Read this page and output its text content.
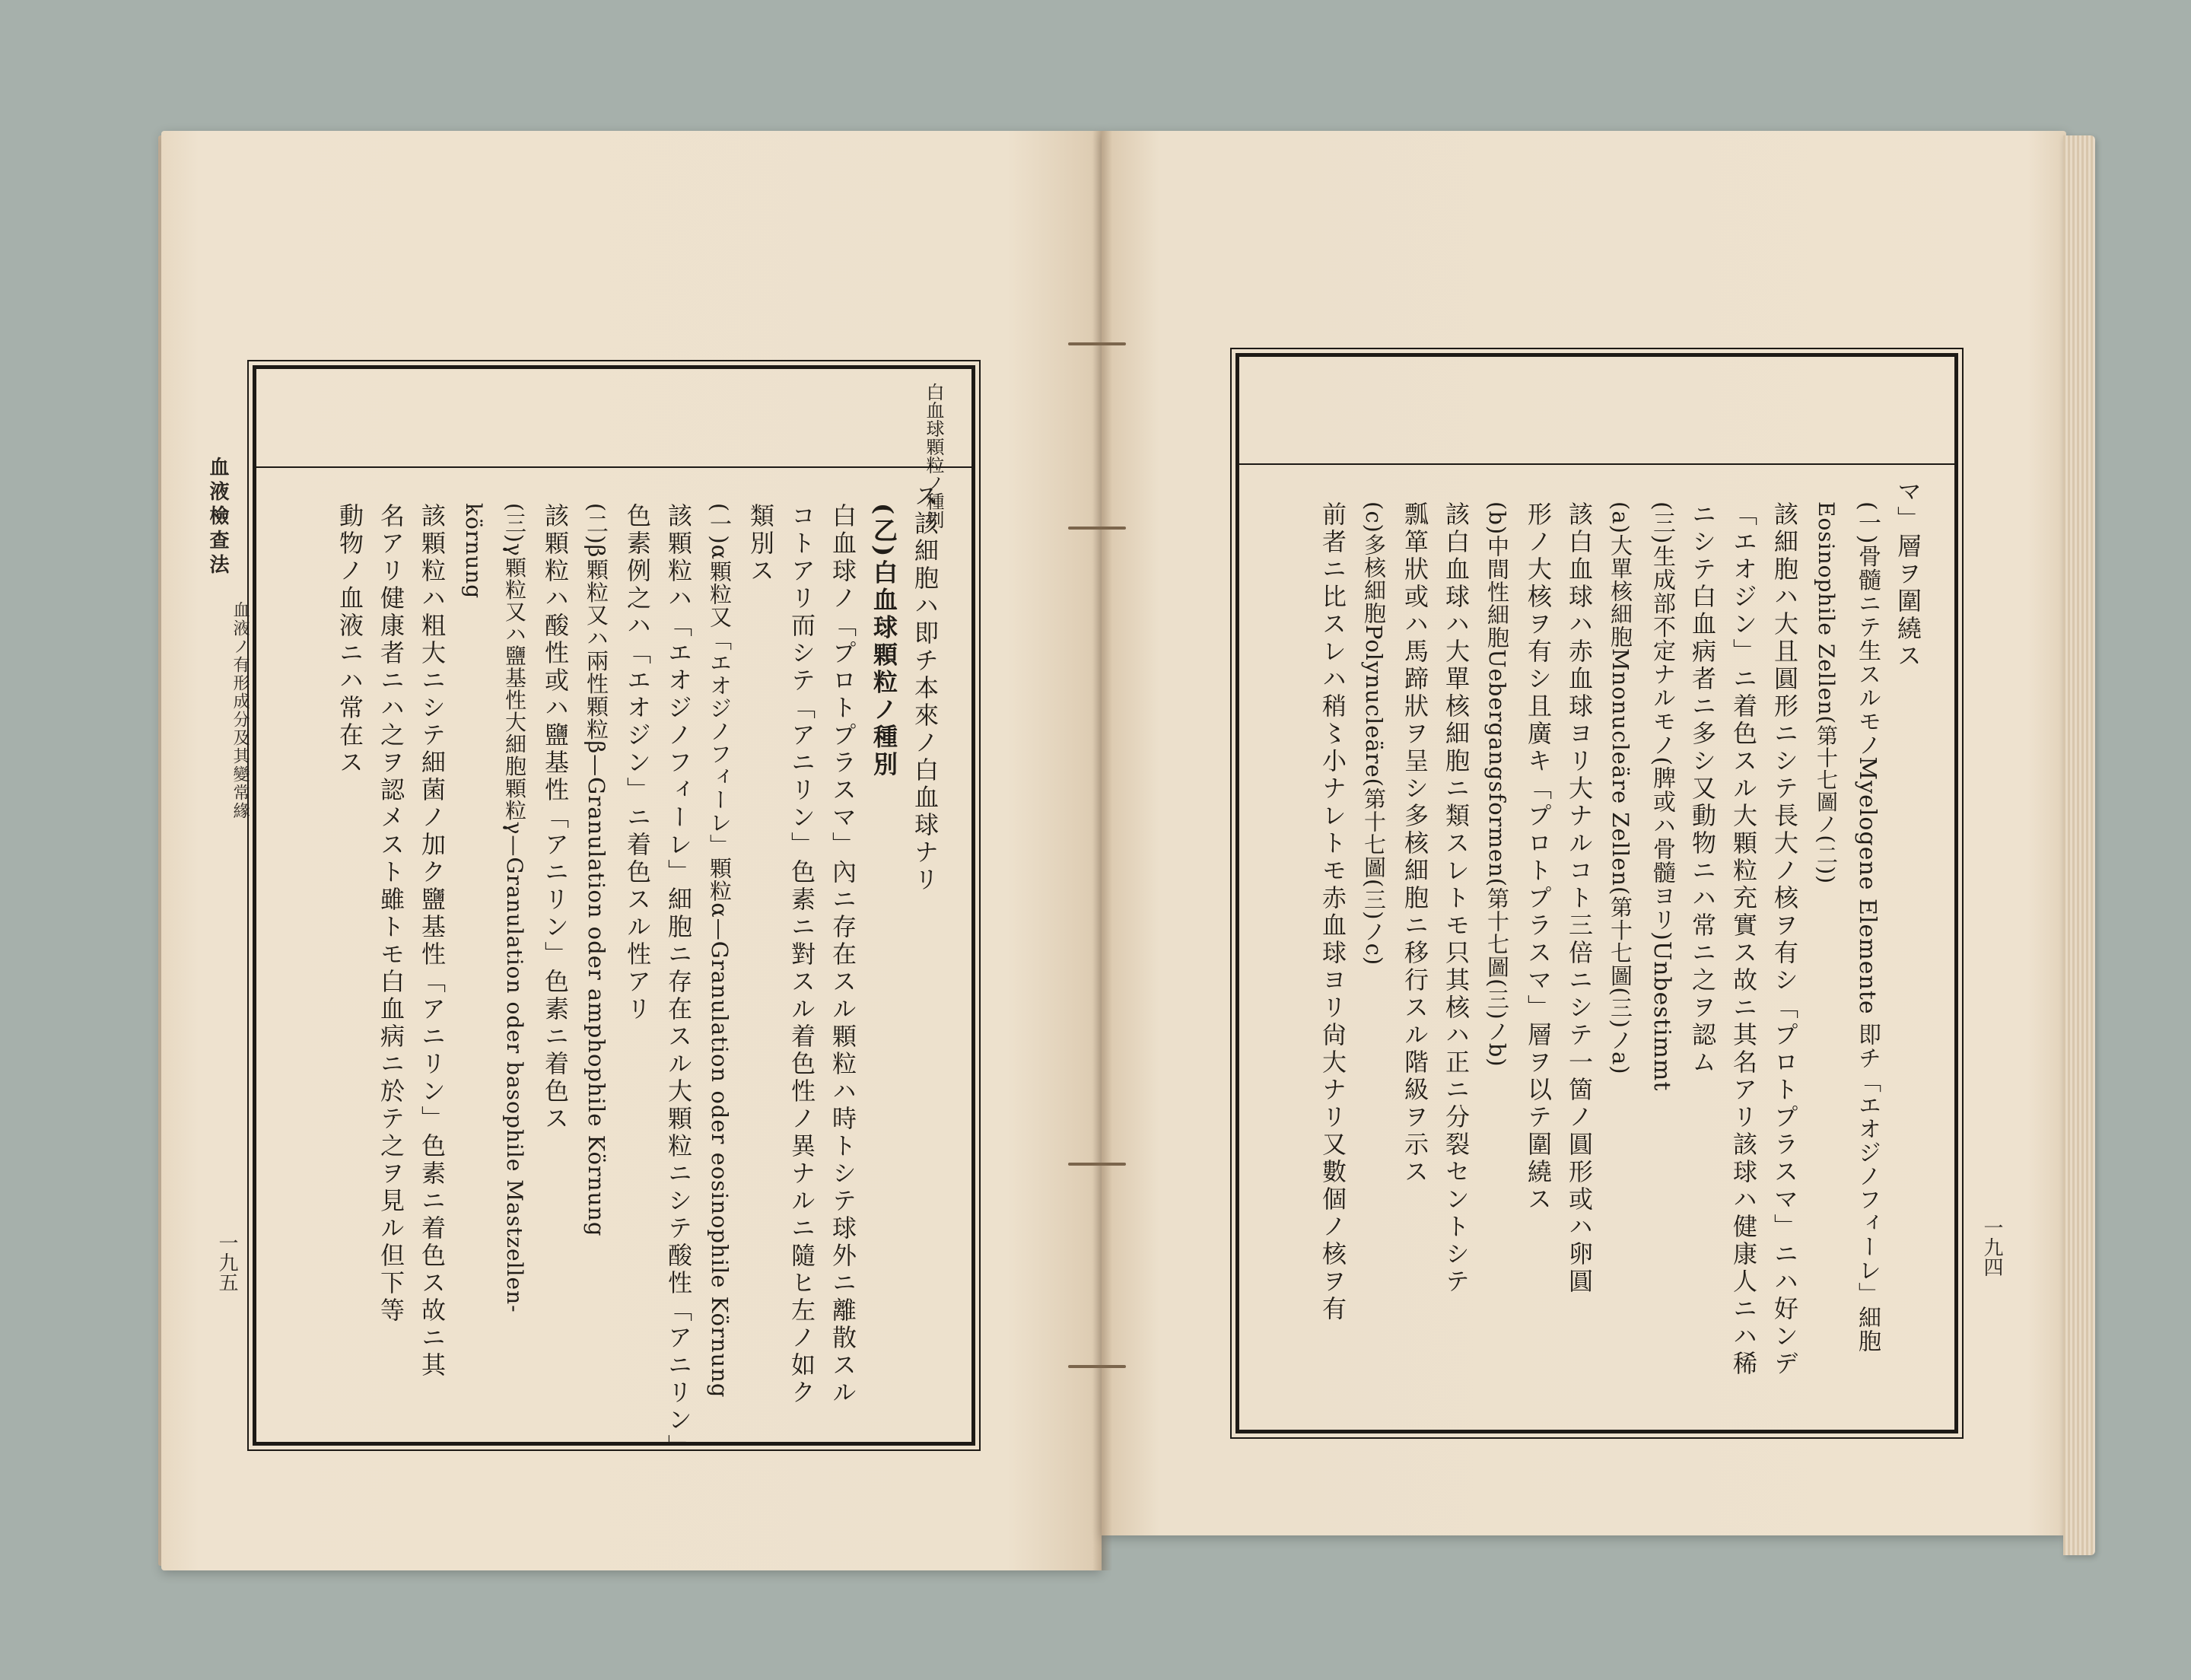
血液檢查法
血液ノ有形成分及其變常緣
一九五
白血球顆粒ノ種別
ス該細胞ハ即チ本來ノ白血球ナリ
(乙)白血球顆粒ノ種別
白血球ノ「プロトプラスマ」內ニ存在スル顆粒ハ時トシテ球外ニ離散スル
コトアリ而シテ「アニリン」色素ニ對スル着色性ノ異ナルニ隨ヒ左ノ如ク
類別ス
(一)α顆粒又「エオジノフィーレ」顆粒α—Granulation oder eosinophile Körnung
該顆粒ハ「エオジノフィーレ」細胞ニ存在スル大顆粒ニシテ酸性「アニリン」
色素例之ハ「エオジン」ニ着色スル性アリ
(二)β顆粒又ハ兩性顆粒β—Granulation oder amphophile Körnung
該顆粒ハ酸性或ハ鹽基性「アニリン」色素ニ着色ス
(三)γ顆粒又ハ鹽基性大細胞顆粒γ—Granulation oder basophile Mastzellen-
körnung
該顆粒ハ粗大ニシテ細菌ノ加ク鹽基性「アニリン」色素ニ着色ス故ニ其
名アリ健康者ニハ之ヲ認メスト雖トモ白血病ニ於テ之ヲ見ル但下等
動物ノ血液ニハ常在ス
一九四
マ」層ヲ圍繞ス
(一)骨髓ニテ生スルモノMyelogene Elemente 即チ「エオジノフィーレ」細胞
Eosinophile Zellen(第十七圖ノ(二))
該細胞ハ大且圓形ニシテ長大ノ核ヲ有シ「プロトプラスマ」ニハ好ンデ
「エオジン」ニ着色スル大顆粒充實ス故ニ其名アリ該球ハ健康人ニハ稀
ニシテ白血病者ニ多シ又動物ニハ常ニ之ヲ認ム
(三)生成部不定ナルモノ(脾或ハ骨髓ヨリ)Unbestimmt
(a)大單核細胞Mnonucleäre Zellen(第十七圖(三)ノa)
該白血球ハ赤血球ヨリ大ナルコト三倍ニシテ一箇ノ圓形或ハ卵圓
形ノ大核ヲ有シ且廣キ「プロトプラスマ」層ヲ以テ圍繞ス
(b)中間性細胞Uebergangsformen(第十七圖(三)ノb)
該白血球ハ大單核細胞ニ類スレトモ只其核ハ正ニ分裂セントシテ
瓢箪狀或ハ馬蹄狀ヲ呈シ多核細胞ニ移行スル階級ヲ示ス
(c)多核細胞Polynucleäre(第十七圖(三)ノc)
前者ニ比スレハ稍〻小ナレトモ赤血球ヨリ尙大ナリ又數個ノ核ヲ有
